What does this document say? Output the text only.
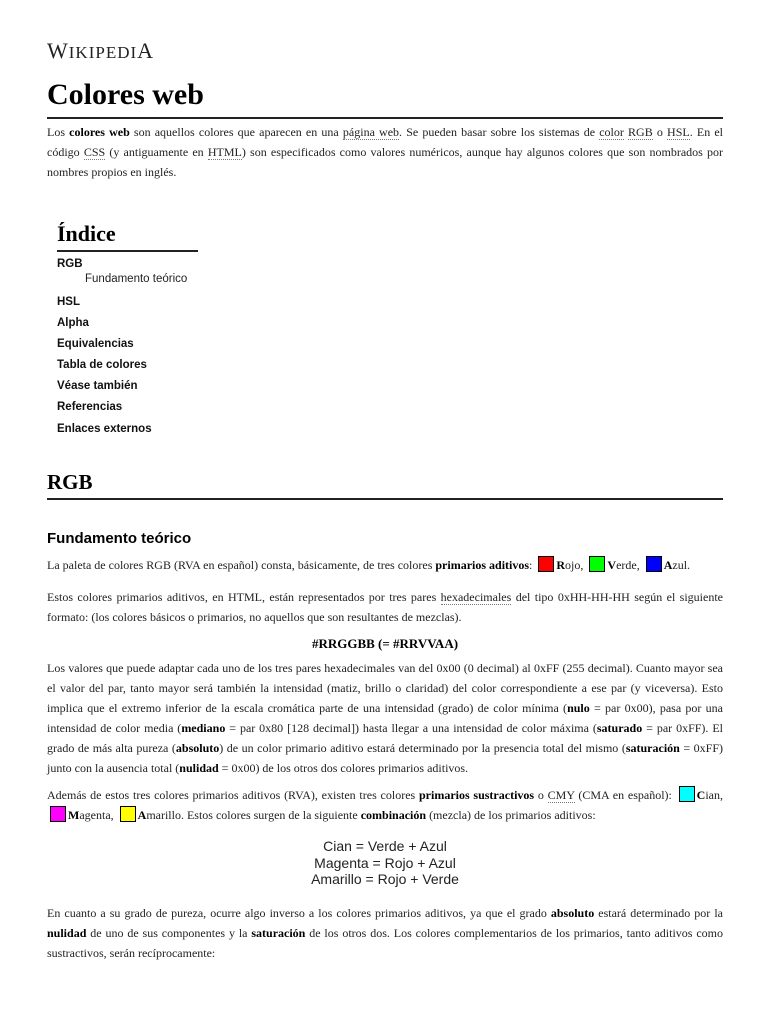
WIKIPEDIA
Colores web

Los colores web son aquellos colores que aparecen en una página web. Se pueden basar sobre los sistemas de color RGB o HSL. En el código CSS (y antiguamente en HTML) son especificados como valores numéricos, aunque hay algunos colores que son nombrados por nombres propios en inglés.

Índice
RGB
Fundamento teórico
HSL
Alpha
Equivalencias
Tabla de colores
Véase también
Referencias
Enlaces externos
RGB
Fundamento teórico

La paleta de colores RGB (RVA en español) consta, básicamente, de tres colores primarios aditivos: Rojo, Verde, Azul.

Estos colores primarios aditivos, en HTML, están representados por tres pares hexadecimales del tipo 0xHH-HH-HH según el siguiente formato: (los colores básicos o primarios, no aquellos que son resultantes de mezclas).

#RRGGBB (= #RRVVAA)

Los valores que puede adaptar cada uno de los tres pares hexadecimales van del 0x00 (0 decimal) al 0xFF (255 decimal). Cuanto mayor sea el valor del par, tanto mayor será también la intensidad (matiz, brillo o claridad) del color correspondiente a ese par (y viceversa). Esto implica que el extremo inferior de la escala cromática parte de una intensidad (grado) de color mínima (nulo = par 0x00), pasa por una intensidad de color media (mediano = par 0x80 [128 decimal]) hasta llegar a una intensidad de color máxima (saturado = par 0xFF). El grado de más alta pureza (absoluto) de un color primario aditivo estará determinado por la presencia total del mismo (saturación = 0xFF) junto con la ausencia total (nulidad = 0x00) de los otros dos colores primarios aditivos.

Además de estos tres colores primarios aditivos (RVA), existen tres colores primarios sustractivos o CMY (CMA en español): Cian, Magenta, Amarillo. Estos colores surgen de la siguiente combinación (mezcla) de los primarios aditivos:

Cian = Verde + Azul
Magenta = Rojo + Azul
Amarillo = Rojo + Verde

En cuanto a su grado de pureza, ocurre algo inverso a los colores primarios aditivos, ya que el grado absoluto estará determinado por la nulidad de uno de sus componentes y la saturación de los otros dos. Los colores complementarios de los primarios, tanto aditivos como sustractivos, serán recíprocamente:
